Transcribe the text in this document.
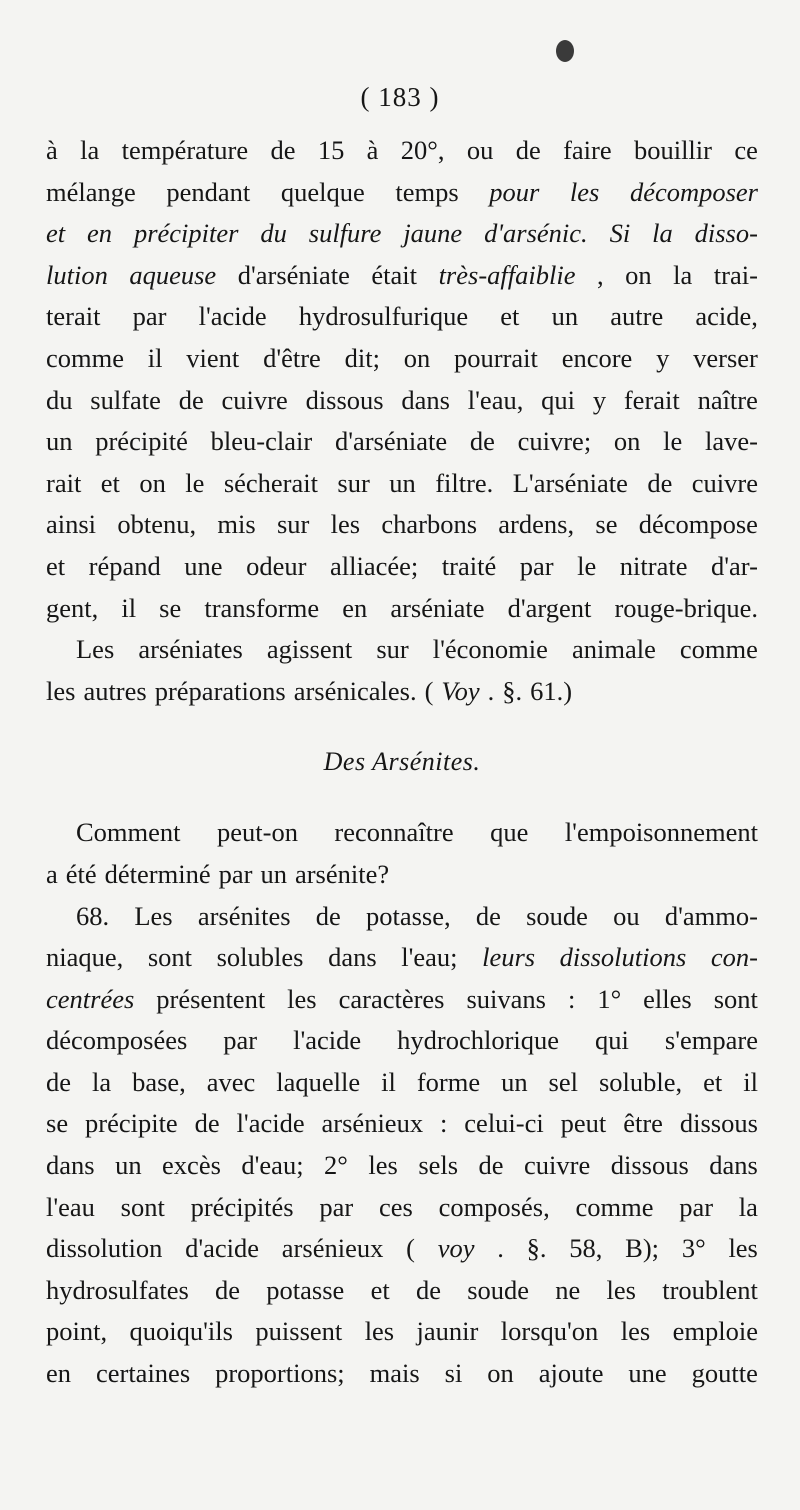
( 183 )
à la température de 15 à 20°, ou de faire bouillir ce
mélange pendant quelque temps pour les décomposer
et en précipiter du sulfure jaune d'arsénic. Si la disso-
lution aqueuse d'arséniate était très-affaiblie , on la trai-
terait par l'acide hydrosulfurique et un autre acide,
comme il vient d'être dit; on pourrait encore y verser
du sulfate de cuivre dissous dans l'eau, qui y ferait naître
un précipité bleu-clair d'arséniate de cuivre; on le lave-
rait et on le sécherait sur un filtre. L'arséniate de cuivre
ainsi obtenu, mis sur les charbons ardens, se décompose
et répand une odeur alliacée; traité par le nitrate d'ar-
gent, il se transforme en arséniate d'argent rouge-brique.
Les arséniates agissent sur l'économie animale comme
les autres préparations arsénicales. ( Voy . §. 61.)
Des Arsénites.
Comment peut-on reconnaître que l'empoisonnement
a été déterminé par un arsénite?
68. Les arsénites de potasse, de soude ou d'ammo-
niaque, sont solubles dans l'eau; leurs dissolutions con-
centrées présentent les caractères suivans : 1° elles sont
décomposées par l'acide hydrochlorique qui s'empare
de la base, avec laquelle il forme un sel soluble, et il
se précipite de l'acide arsénieux : celui-ci peut être dissous
dans un excès d'eau; 2° les sels de cuivre dissous dans
l'eau sont précipités par ces composés, comme par la
dissolution d'acide arsénieux ( voy . §. 58, B); 3° les
hydrosulfates de potasse et de soude ne les troublent
point, quoiqu'ils puissent les jaunir lorsqu'on les emploie
en certaines proportions; mais si on ajoute une goutte
